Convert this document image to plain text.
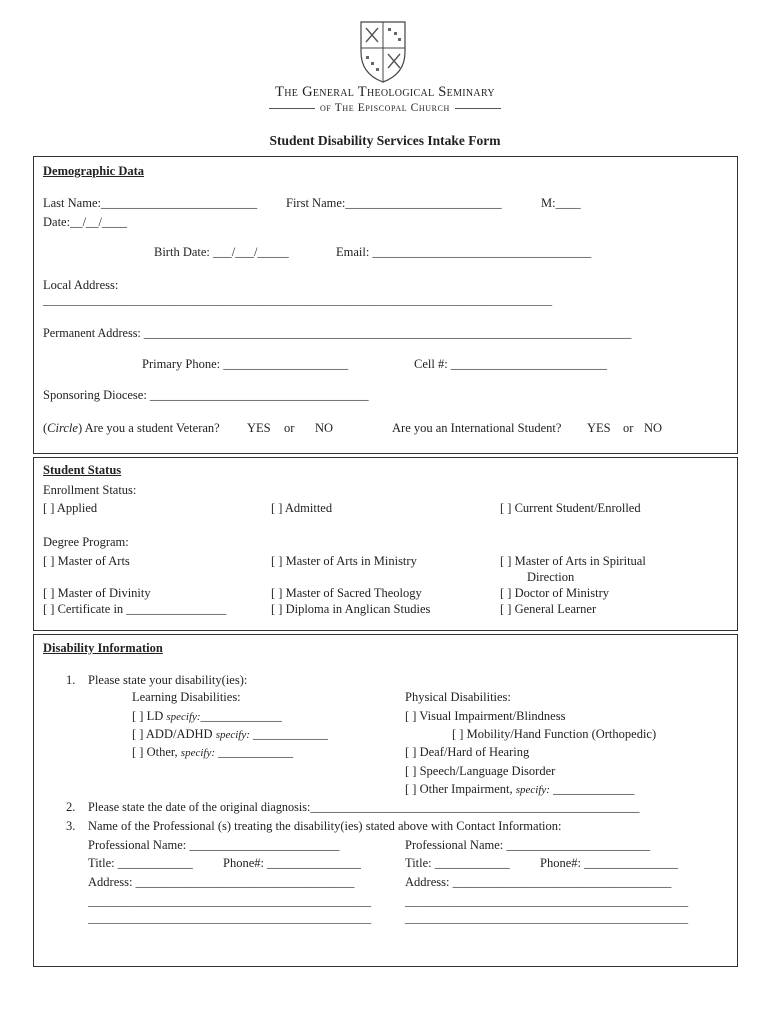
The General Theological Seminary
of The Episcopal Church
Student Disability Services Intake Form
Demographic Data
Last Name:_________________________ First Name:_________________________	M:____
Date:__/__/____
Birth Date: ___/___/_____	Email: ___________________________________
Local Address:
___________________________________________________________________________________________
Permanent Address: ________________________________________________________________________________
Primary Phone: ____________________	Cell #: _________________________
Sponsoring Diocese: ___________________________________
(Circle) Are you a student Veteran? YES or NO	Are you an International Student? YES or NO
Student Status
Enrollment Status:
[ ] Applied	[ ] Admitted	[ ] Current Student/Enrolled
Degree Program:
[ ] Master of Arts	[ ] Master of Arts in Ministry	[ ] Master of Arts in Spiritual
Direction
[ ] Master of Divinity	[ ] Master of Sacred Theology	[ ] Doctor of Ministry
[ ] Certificate in ________________	[ ] Diploma in Anglican Studies	[ ] General Learner
Disability Information
1. Please state your disability(ies):
Learning Disabilities:
[ ] LD specify:_____________
[ ] ADD/ADHD specify: ____________
[ ] Other, specify: ____________
Physical Disabilities:
[ ] Visual Impairment/Blindness
[ ] Mobility/Hand Function (Orthopedic)
[ ] Deaf/Hard of Hearing
[ ] Speech/Language Disorder
[ ] Other Impairment, specify: _____________
2. Please state the date of the original diagnosis:______________________________________________________
3. Name of the Professional (s) treating the disability(ies) stated above with Contact Information:
Professional Name: ________________________
Title: ____________ Phone#: _______________
Address: ___________________________________
________________________________________________
________________________________________________
Professional Name: _______________________
Title: ____________ Phone#: _______________
Address: ___________________________________
________________________________________________
________________________________________________
